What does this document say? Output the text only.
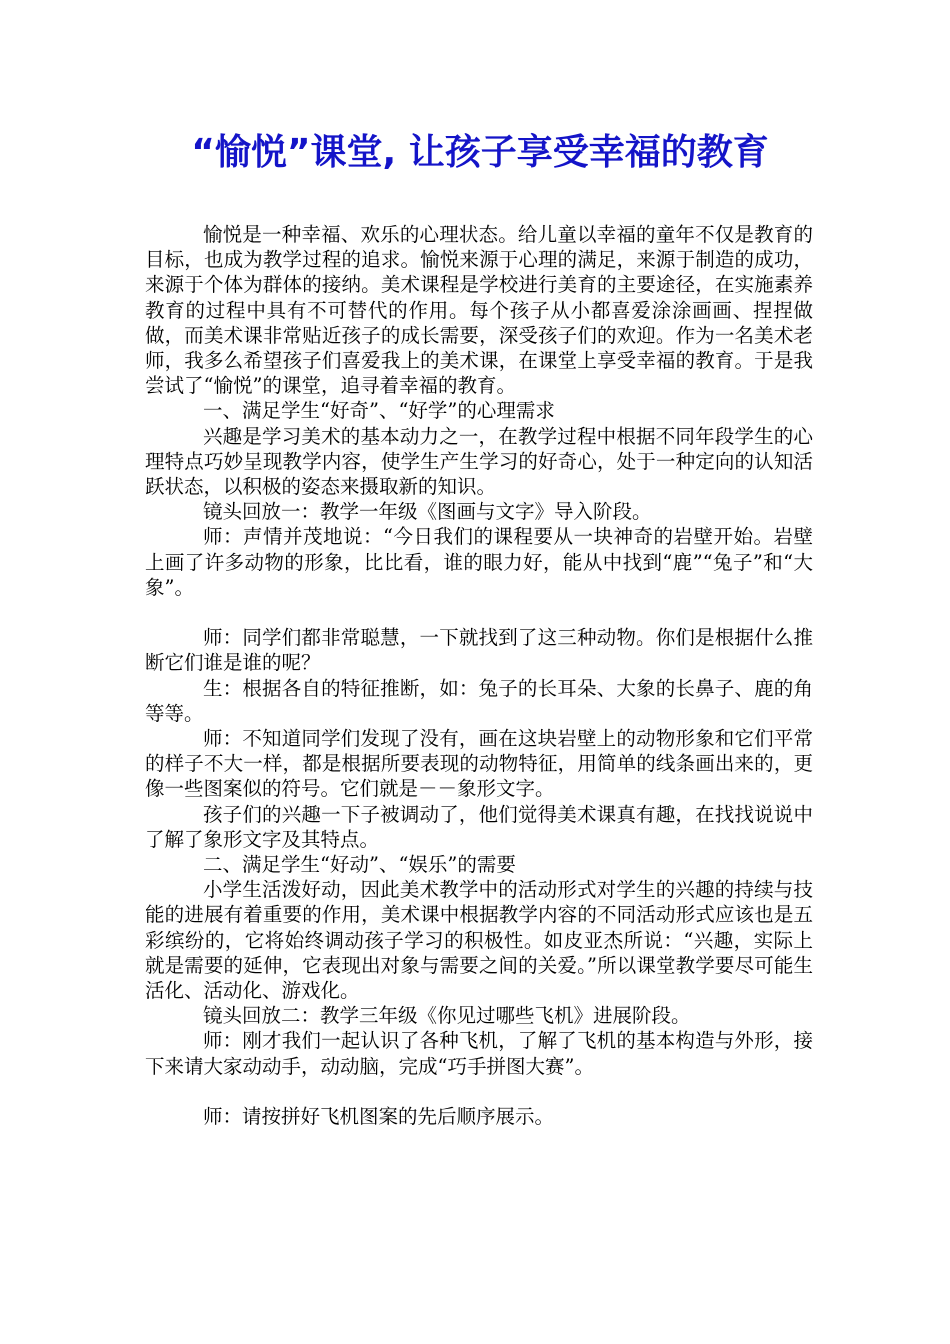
“愉悦”课堂, 让孩子享受幸福的教育

愉悦是一种幸福、欢乐的心理状态。给儿童以幸福的童年不仅是教育的目标，也成为教学过程的追求。愉悦来源于心理的满足，来源于制造的成功，来源于个体为群体的接纳。美术课程是学校进行美育的主要途径，在实施素养教育的过程中具有不可替代的作用。每个孩子从小都喜爱涂涂画画、捏捏做做，而美术课非常贴近孩子的成长需要，深受孩子们的欢迎。作为一名美术老师，我多么希望孩子们喜爱我上的美术课，在课堂上享受幸福的教育。于是我尝试了“愉悦”的课堂，追寻着幸福的教育。

一、满足学生“好奇”、“好学”的心理需求

兴趣是学习美术的基本动力之一，在教学过程中根据不同年段学生的心理特点巧妙呈现教学内容，使学生产生学习的好奇心，处于一种定向的认知活跃状态，以积极的姿态来摄取新的知识。

镜头回放一：教学一年级《图画与文字》导入阶段。

师：声情并茂地说：“今日我们的课程要从一块神奇的岩壁开始。岩壁上画了许多动物的形象，比比看，谁的眼力好，能从中找到“鹿”“兔子”和“大象”。

师：同学们都非常聪慧，一下就找到了这三种动物。你们是根据什么推断它们谁是谁的呢？

生：根据各自的特征推断，如：兔子的长耳朵、大象的长鼻子、鹿的角等等。

师：不知道同学们发现了没有，画在这块岩壁上的动物形象和它们平常的样子不大一样，都是根据所要表现的动物特征，用简单的线条画出来的，更像一些图案似的符号。它们就是－－象形文字。

孩子们的兴趣一下子被调动了，他们觉得美术课真有趣，在找找说说中了解了象形文字及其特点。

二、满足学生“好动”、“娱乐”的需要

小学生活泼好动，因此美术教学中的活动形式对学生的兴趣的持续与技能的进展有着重要的作用，美术课中根据教学内容的不同活动形式应该也是五彩缤纷的，它将始终调动孩子学习的积极性。如皮亚杰所说：“兴趣，实际上就是需要的延伸，它表现出对象与需要之间的关爱。”所以课堂教学要尽可能生活化、活动化、游戏化。

镜头回放二：教学三年级《你见过哪些飞机》进展阶段。

师：刚才我们一起认识了各种飞机，了解了飞机的基本构造与外形，接下来请大家动动手，动动脑，完成“巧手拼图大赛”。

师：请按拼好飞机图案的先后顺序展示。
